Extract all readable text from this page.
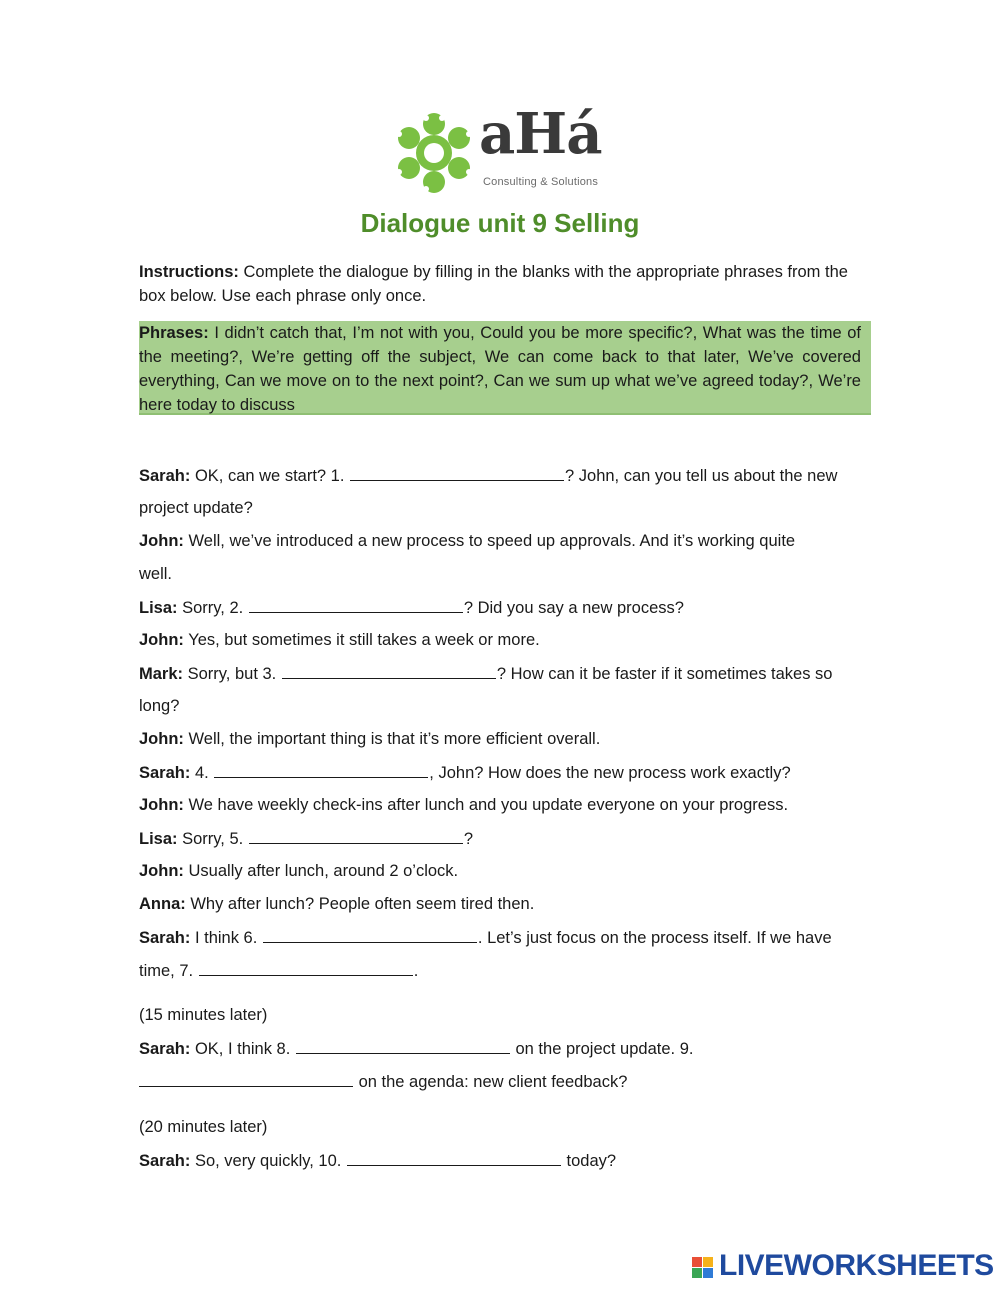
aHá
Consulting & Solutions
Dialogue unit 9 Selling
Instructions: Complete the dialogue by filling in the blanks with the appropriate phrases from the box below. Use each phrase only once.
Phrases: I didn’t catch that, I’m not with you, Could you be more specific?, What was the time of the meeting?, We’re getting off the subject, We can come back to that later, We’ve covered everything, Can we move on to the next point?, Can we sum up what we’ve agreed today?, We’re here today to discuss
Sarah: OK, can we start? 1.	? John, can you tell us about the new
project update?
John: Well, we’ve introduced a new process to speed up approvals. And it’s working quite
well.
Lisa: Sorry, 2.	? Did you say a new process?
John: Yes, but sometimes it still takes a week or more.
Mark: Sorry, but 3.	? How can it be faster if it sometimes takes so
long?
John: Well, the important thing is that it’s more efficient overall.
Sarah: 4.	, John? How does the new process work exactly?
John: We have weekly check-ins after lunch and you update everyone on your progress.
Lisa: Sorry, 5.	?
John: Usually after lunch, around 2 o’clock.
Anna: Why after lunch? People often seem tired then.
Sarah: I think 6.	. Let’s just focus on the process itself. If we have
time, 7.	.
(15 minutes later)
Sarah: OK, I think 8.	on the project update. 9.
on the agenda: new client feedback?
(20 minutes later)
Sarah: So, very quickly, 10.	today?
LIVEWORKSHEETS
